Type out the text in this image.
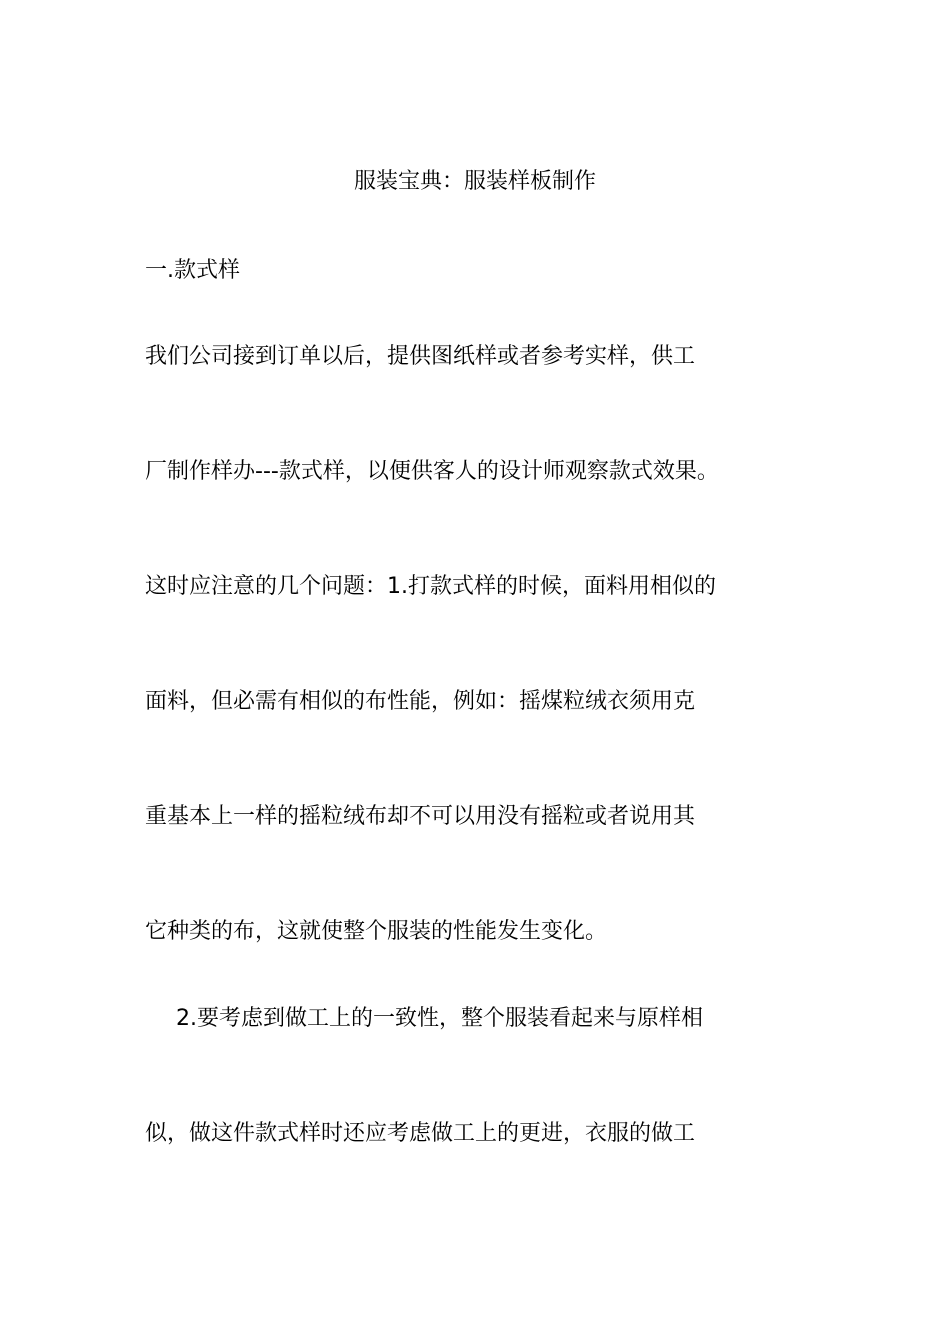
服装宝典：服装样板制作
一.款式样
我们公司接到订单以后，提供图纸样或者参考实样，供工
厂制作样办---款式样，以便供客人的设计师观察款式效果。
这时应注意的几个问题：1.打款式样的时候，面料用相似的
面料，但必需有相似的布性能，例如：摇煤粒绒衣须用克
重基本上一样的摇粒绒布却不可以用没有摇粒或者说用其
它种类的布，这就使整个服装的性能发生变化。
2.要考虑到做工上的一致性，整个服装看起来与原样相
似，做这件款式样时还应考虑做工上的更进，衣服的做工
